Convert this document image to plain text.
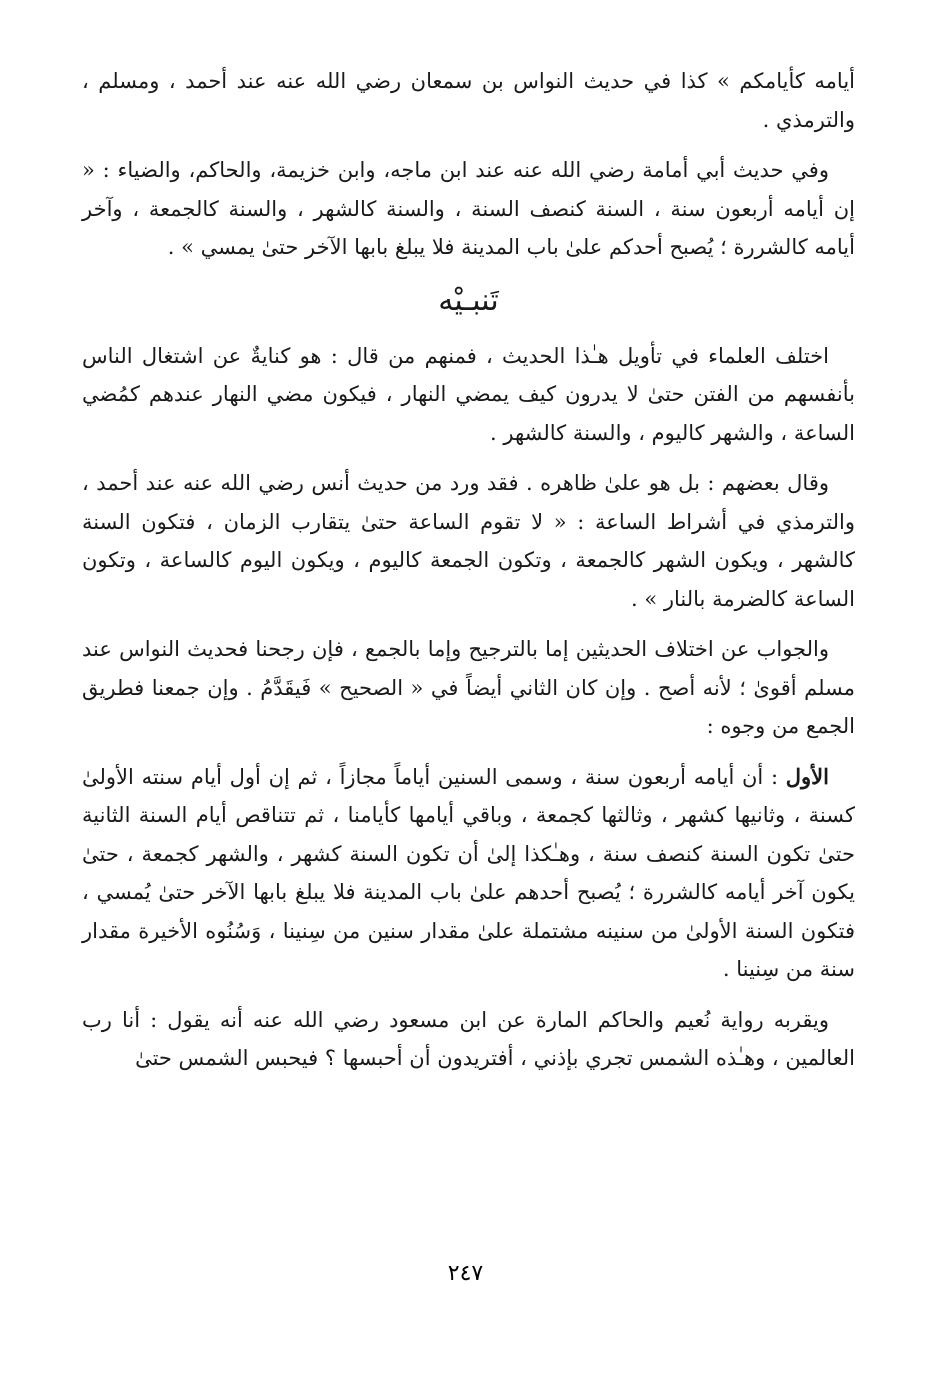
أيامه كأيامكم » كذا في حديث النواس بن سمعان رضي الله عنه عند أحمد ، ومسلم ، والترمذي .

وفي حديث أبي أمامة رضي الله عنه عند ابن ماجه، وابن خزيمة، والحاكم، والضياء : « إن أيامه أربعون سنة ، السنة كنصف السنة ، والسنة كالشهر ، والسنة كالجمعة ، وآخر أيامه كالشررة ؛ يُصبح أحدكم علىٰ باب المدينة فلا يبلغ بابها الآخر حتىٰ يمسي » .

تَنبـيْه

اختلف العلماء في تأويل هـٰذا الحديث ، فمنهم من قال : هو كنايةٌ عن اشتغال الناس بأنفسهم من الفتن حتىٰ لا يدرون كيف يمضي النهار ، فيكون مضي النهار عندهم كمُضي الساعة ، والشهر كاليوم ، والسنة كالشهر .

وقال بعضهم : بل هو علىٰ ظاهره . فقد ورد من حديث أنس رضي الله عنه عند أحمد ، والترمذي في أشراط الساعة : « لا تقوم الساعة حتىٰ يتقارب الزمان ، فتكون السنة كالشهر ، ويكون الشهر كالجمعة ، وتكون الجمعة كاليوم ، ويكون اليوم كالساعة ، وتكون الساعة كالضرمة بالنار » .

والجواب عن اختلاف الحديثين إما بالترجيح وإما بالجمع ، فإن رجحنا فحديث النواس عند مسلم أقوىٰ ؛ لأنه أصح . وإن كان الثاني أيضاً في « الصحيح » فَيقَدَّمُ . وإن جمعنا فطريق الجمع من وجوه :

الأول : أن أيامه أربعون سنة ، وسمى السنين أياماً مجازاً ، ثم إن أول أيام سنته الأولىٰ كسنة ، وثانيها كشهر ، وثالثها كجمعة ، وباقي أيامها كأيامنا ، ثم تتناقص أيام السنة الثانية حتىٰ تكون السنة كنصف سنة ، وهـٰكذا إلىٰ أن تكون السنة كشهر ، والشهر كجمعة ، حتىٰ يكون آخر أيامه كالشررة ؛ يُصبح أحدهم علىٰ باب المدينة فلا يبلغ بابها الآخر حتىٰ يُمسي ، فتكون السنة الأولىٰ من سنينه مشتملة علىٰ مقدار سنين من سِنينا ، وَسُنُوه الأخيرة مقدار سنة من سِنينا .

ويقربه رواية نُعيم والحاكم المارة عن ابن مسعود رضي الله عنه أنه يقول : أنا رب العالمين ، وهـٰذه الشمس تجري بإذني ، أفتريدون أن أحبسها ؟ فيحبس الشمس حتىٰ

٢٤٧
